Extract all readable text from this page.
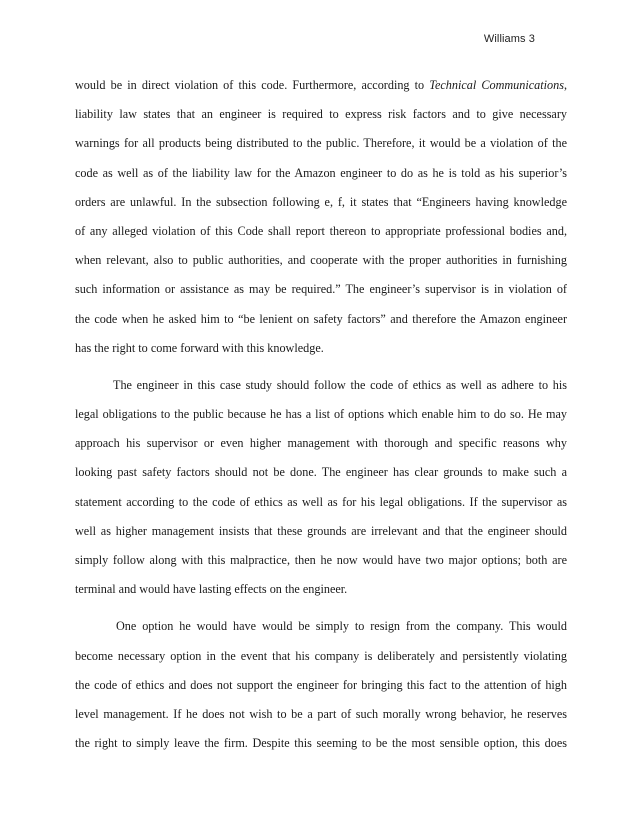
Williams 3
would be in direct violation of this code. Furthermore, according to Technical Communications,
liability law states that an engineer is required to express risk factors and to give necessary
warnings for all products being distributed to the public. Therefore, it would be a violation of the
code as well as of the liability law for the Amazon engineer to do as he is told as his superior’s
orders are unlawful. In the subsection following e, f, it states that “Engineers having knowledge
of any alleged violation of this Code shall report thereon to appropriate professional bodies and,
when relevant, also to public authorities, and cooperate with the proper authorities in furnishing
such information or assistance as may be required.” The engineer’s supervisor is in violation of
the code when he asked him to “be lenient on safety factors” and therefore the Amazon engineer
has the right to come forward with this knowledge.
The engineer in this case study should follow the code of ethics as well as adhere to his
legal obligations to the public because he has a list of options which enable him to do so. He may
approach his supervisor or even higher management with thorough and specific reasons why
looking past safety factors should not be done. The engineer has clear grounds to make such a
statement according to the code of ethics as well as for his legal obligations. If the supervisor as
well as higher management insists that these grounds are irrelevant and that the engineer should
simply follow along with this malpractice, then he now would have two major options; both are
terminal and would have lasting effects on the engineer.
One option he would have would be simply to resign from the company. This would
become necessary option in the event that his company is deliberately and persistently violating
the code of ethics and does not support the engineer for bringing this fact to the attention of high
level management. If he does not wish to be a part of such morally wrong behavior, he reserves
the right to simply leave the firm. Despite this seeming to be the most sensible option, this does
